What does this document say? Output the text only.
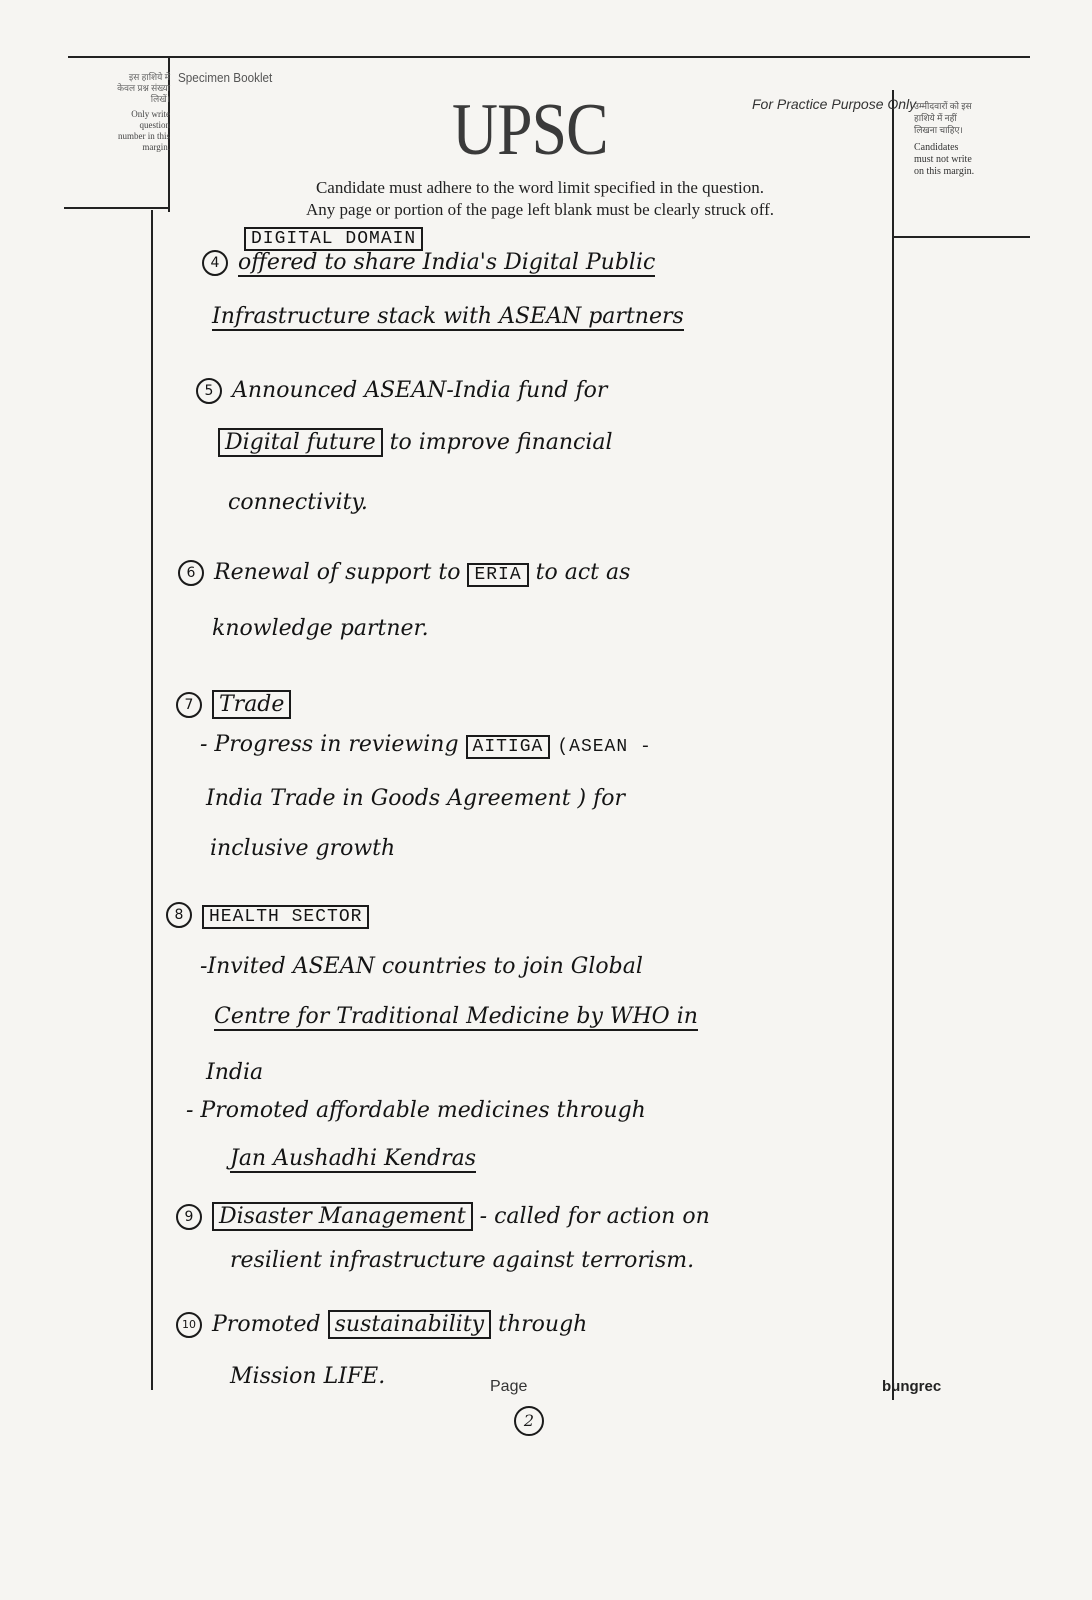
इस हाशिये में केवल प्रश्न संख्या लिखें।
Only write question number in this margin.
Specimen Booklet
UPSC	For Practice Purpose Only
Candidate must adhere to the word limit specified in the question.
Any page or portion of the page left blank must be clearly struck off.
उम्मीदवारों को इस हाशिये में नहीं लिखना चाहिए।
Candidates must not write on this margin.
DIGITAL DOMAIN
4 offered to share India's Digital Public
Infrastructure stack with ASEAN partners
5 Announced ASEAN-India fund for
Digital future to improve financial
connectivity.
6 Renewal of support to ERIA to act as
knowledge partner.
7 Trade
- Progress in reviewing AITIGA (ASEAN -
India Trade in Goods Agreement ) for
inclusive growth
8 HEALTH SECTOR
-Invited ASEAN countries to join Global
Centre for Traditional Medicine by WHO in
India
- Promoted affordable medicines through
Jan Aushadhi Kendras
9 Disaster Management - called for action on
resilient infrastructure against terrorism.
10 Promoted sustainability through
Mission LIFE.	Page
2
bungrec
